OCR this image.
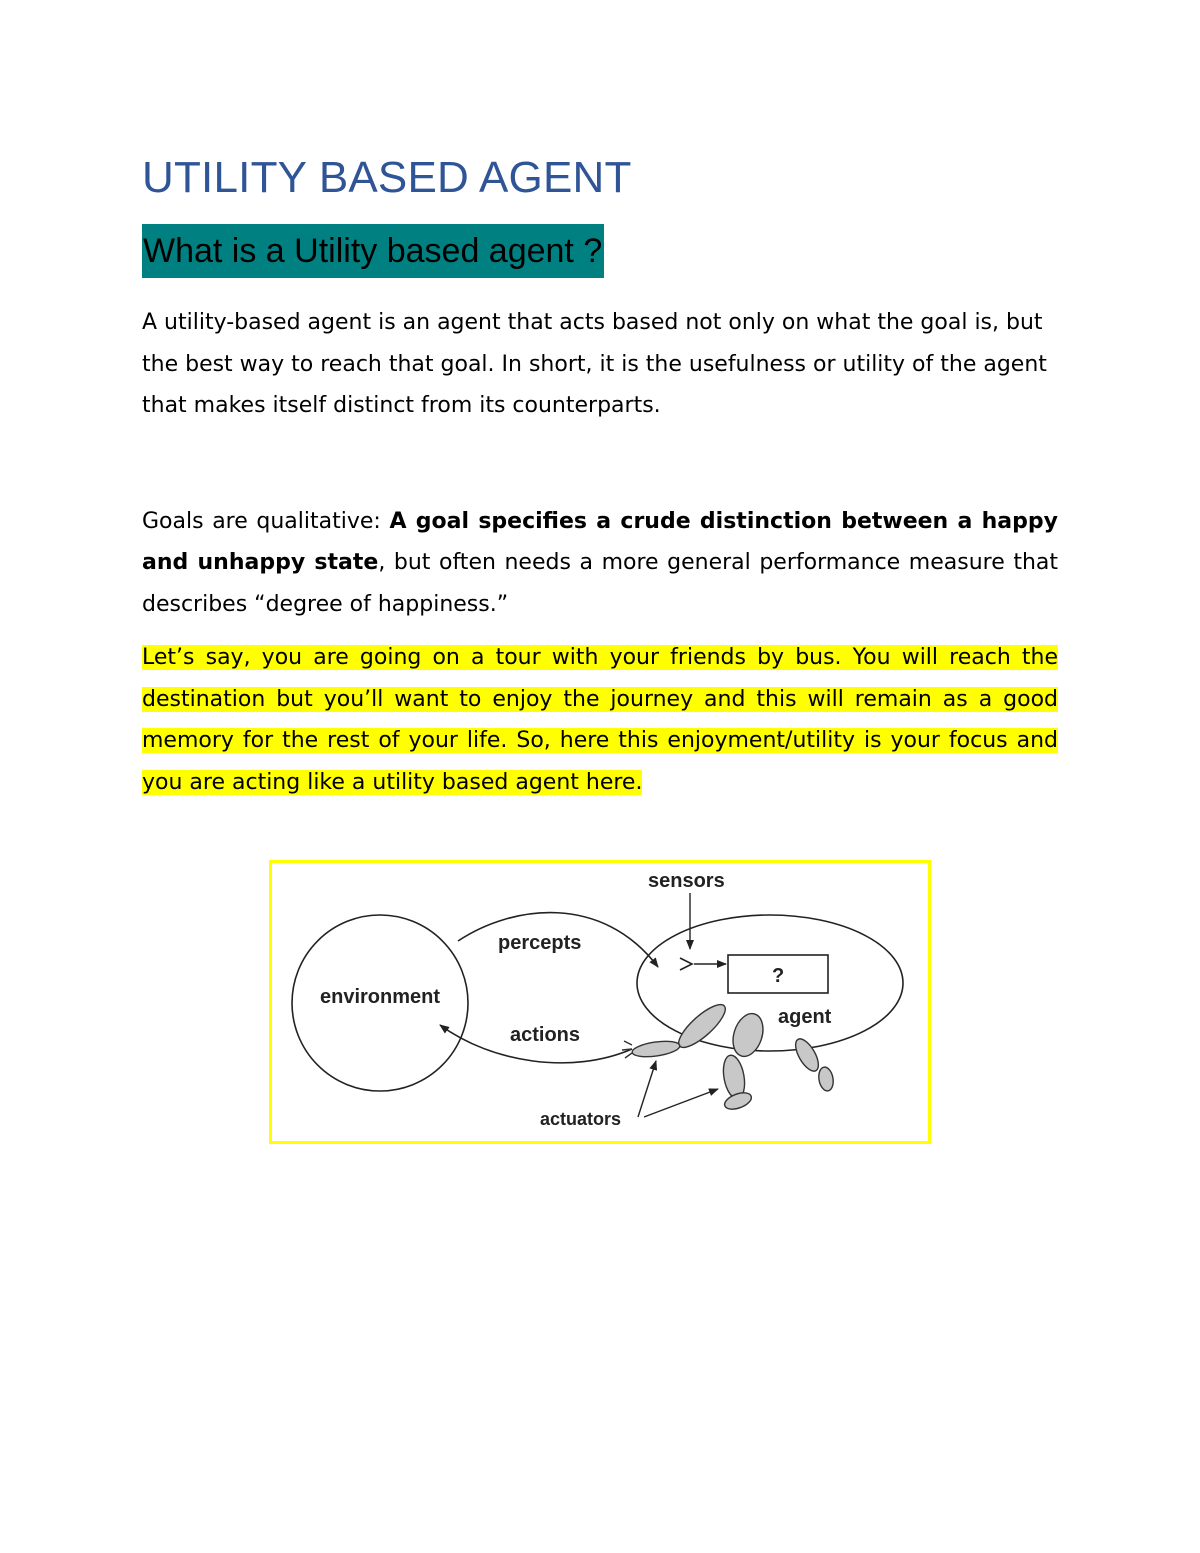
UTILITY BASED AGENT
What is a Utility based agent ?

A utility-based agent is an agent that acts based not only on what the goal is, but the best way to reach that goal. In short, it is the usefulness or utility of the agent that makes itself distinct from its counterparts.

Goals are qualitative: A goal specifies a crude distinction between a happy and unhappy state, but often needs a more general performance measure that describes “degree of happiness.”

Let’s say, you are going on a tour with your friends by bus. You will reach the destination but you’ll want to enjoy the journey and this will remain as a good memory for the rest of your life. So, here this enjoyment/utility is your focus and you are acting like a utility based agent here.

environment
agent
?
sensors
percepts
actions
actuators
